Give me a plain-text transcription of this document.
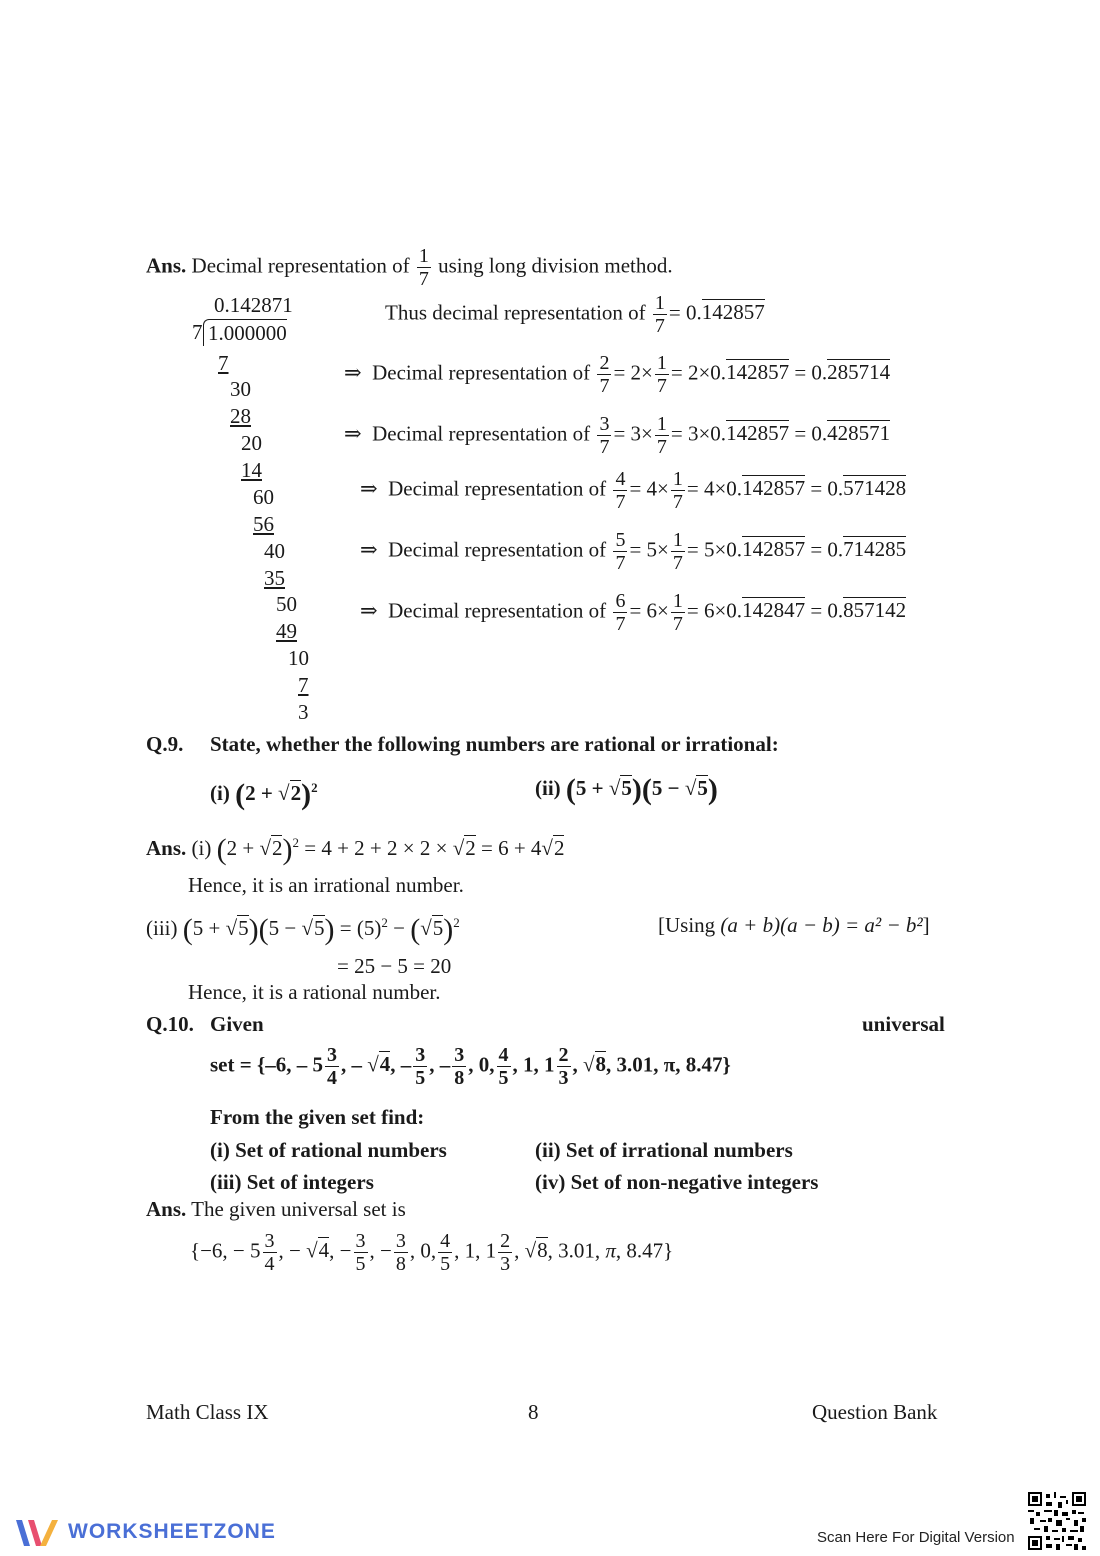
Ans. Decimal representation of $\frac{1}{7}$ using long division method.
0.142871
7 1.000000
7
30
28
20
14
60
56
40
35
50
49
10
7
3
Thus decimal representation of $\frac{1}{7} = 0.142857$
⇒ Decimal representation of $\frac{2}{7} = 2\times \frac{1}{7} = 2\times 0.142857 = 0.285714$
⇒ Decimal representation of $\frac{3}{7} = 3\times \frac{1}{7} = 3\times 0.142857 = 0.428571$
⇒ Decimal representation of $\frac{4}{7} = 4\times \frac{1}{7} = 4\times 0.142857 = 0.571428$
⇒ Decimal representation of $\frac{5}{7} = 5\times \frac{1}{7} = 5\times 0.142857 = 0.714285$
⇒ Decimal representation of $\frac{6}{7} = 6\times \frac{1}{7} = 6\times 0.142847 = 0.857142$
Q.9. State, whether the following numbers are rational or irrational:
(i) $(2 + √2)^2$	(ii) (5 + √5)(5 − √5)
Ans. (i) $(2 + √2)^2 = 4 + 2 + 2 \times 2 \times √2 = 6 + 4√2$
Hence, it is an irrational number.
(iii) $(5 + √5)(5 - √5) = (5)^2 - (√5)^2$	[Using (a + b)(a − b) = a² − b²]
= 25 − 5 = 20
Hence, it is a rational number.
Q.10. Given	universal
set = {–6, – $5 \frac{3}{4}$ , – √4, – $\frac{3}{5}$ , – $\frac{3}{8}$ , 0, $\frac{4}{5}$ , 1, $1 \frac{2}{3}$ , √8, 3.01, π, 8.47}
From the given set find:
(i) Set of rational numbers	(ii) Set of irrational numbers
(iii) Set of integers	(iv) Set of non-negative integers
Ans. The given universal set is
{−6, − $5 \frac{3}{4}$ , − √4, − $\frac{3}{5}$ , − $\frac{3}{8}$ , 0, $\frac{4}{5}$ , 1, $1 \frac{2}{3}$ , √8, 3.01, π, 8.47}
Math Class IX	8	Question Bank
WORKSHEETZONE	Scan Here For Digital Version
